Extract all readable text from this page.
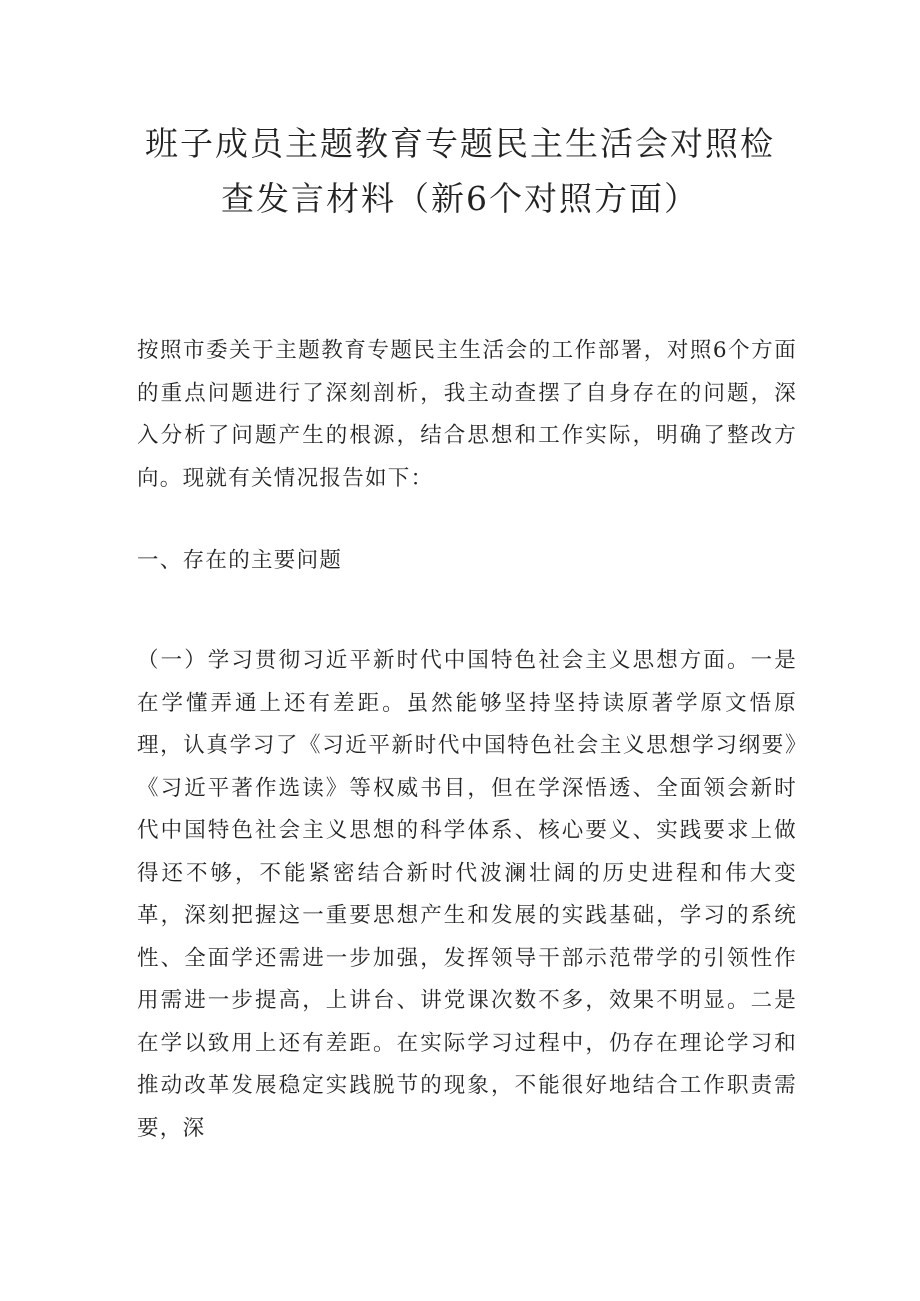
班子成员主题教育专题民主生活会对照检
查发言材料（新6个对照方面）

按照市委关于主题教育专题民主生活会的工作部署，对照6个方面的重点问题进行了深刻剖析，我主动查摆了自身存在的问题，深入分析了问题产生的根源，结合思想和工作实际，明确了整改方向。现就有关情况报告如下：

一、存在的主要问题

（一）学习贯彻习近平新时代中国特色社会主义思想方面。一是在学懂弄通上还有差距。虽然能够坚持坚持读原著学原文悟原理，认真学习了《习近平新时代中国特色社会主义思想学习纲要》《习近平著作选读》等权威书目，但在学深悟透、全面领会新时代中国特色社会主义思想的科学体系、核心要义、实践要求上做得还不够，不能紧密结合新时代波澜壮阔的历史进程和伟大变革，深刻把握这一重要思想产生和发展的实践基础，学习的系统性、全面学还需进一步加强，发挥领导干部示范带学的引领性作用需进一步提高，上讲台、讲党课次数不多，效果不明显。二是在学以致用上还有差距。在实际学习过程中，仍存在理论学习和推动改革发展稳定实践脱节的现象，不能很好地结合工作职责需要，深
